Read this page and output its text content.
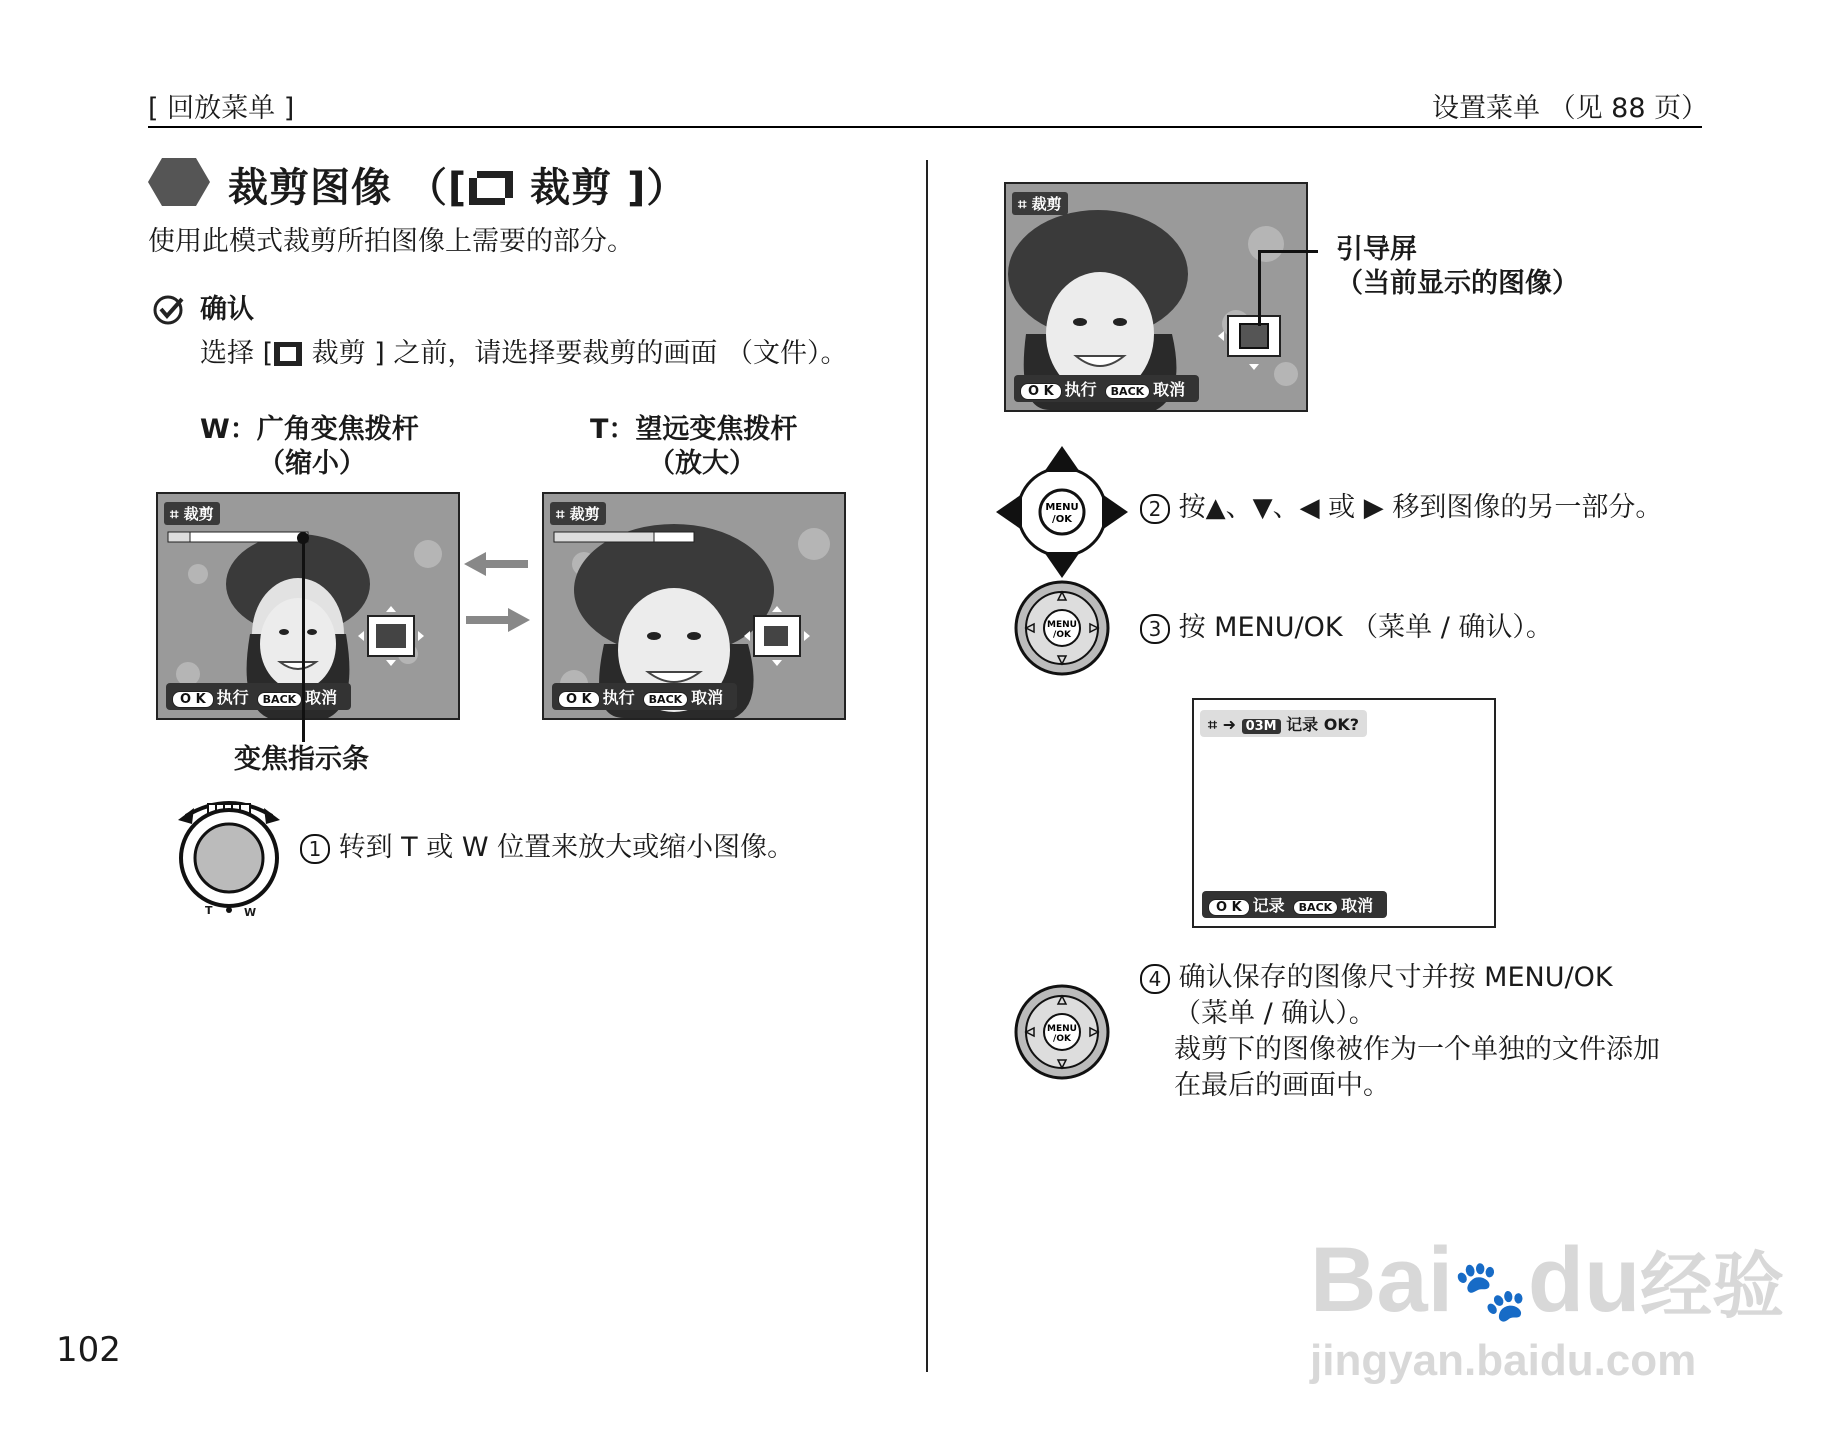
[ 回放菜单 ]	设置菜单 （见 88 页）
裁剪图像 （[ 裁剪 ]）
使用此模式裁剪所拍图像上需要的部分。
确认
选择 [ 裁剪 ] 之前，请选择要裁剪的画面 （文件）。
W：广角变焦拨杆
（缩小）
T：望远变焦拨杆
（放大）
⌗ 裁剪
O K 执行 BACK 取消
变焦指示条
⌗ 裁剪
O K 执行 BACK 取消
T	W
1 转到 T 或 W 位置来放大或缩小图像。
⌗ 裁剪
O K 执行 BACK 取消
引导屏
（当前显示的图像）
MENU
/OK	2 按▲、▼、◀ 或 ▶ 移到图像的另一部分。
MENU
/OK	3 按 MENU/OK （菜单 / 确认）。
⌗ ➜ 03M 记录 OK?
O K 记录 BACK 取消
MENU
/OK
4 确认保存的图像尺寸并按 MENU/OK
（菜单 / 确认）。
裁剪下的图像被作为一个单独的文件添加
在最后的画面中。
102
Bai🐾du经验
jingyan.baidu.com
